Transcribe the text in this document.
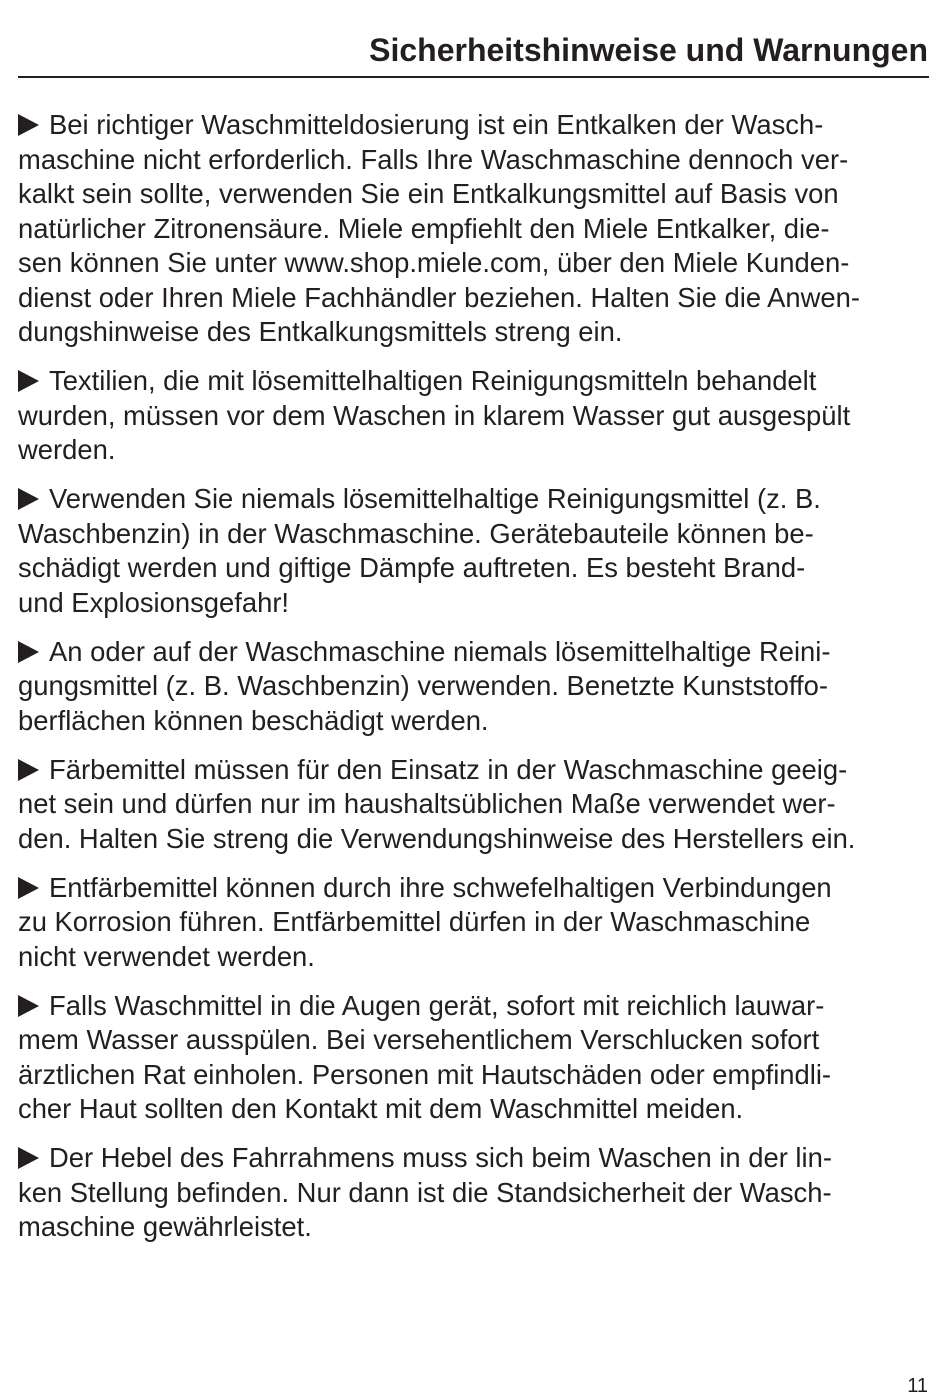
Sicherheitshinweise und Warnungen

Bei richtiger Waschmitteldosierung ist ein Entkalken der Wasch-
maschine nicht erforderlich. Falls Ihre Waschmaschine dennoch ver-
kalkt sein sollte, verwenden Sie ein Entkalkungsmittel auf Basis von
natürlicher Zitronensäure. Miele empfiehlt den Miele Entkalker, die-
sen können Sie unter www.shop.miele.com, über den Miele Kunden-
dienst oder Ihren Miele Fachhändler beziehen. Halten Sie die Anwen-
dungshinweise des Entkalkungsmittels streng ein.

Textilien, die mit lösemittelhaltigen Reinigungsmitteln behandelt
wurden, müssen vor dem Waschen in klarem Wasser gut ausgespült
werden.

Verwenden Sie niemals lösemittelhaltige Reinigungsmittel (z. B.
Waschbenzin) in der Waschmaschine. Gerätebauteile können be-
schädigt werden und giftige Dämpfe auftreten. Es besteht Brand-
und Explosionsgefahr!

An oder auf der Waschmaschine niemals lösemittelhaltige Reini-
gungsmittel (z. B. Waschbenzin) verwenden. Benetzte Kunststoffo-
berflächen können beschädigt werden.

Färbemittel müssen für den Einsatz in der Waschmaschine geeig-
net sein und dürfen nur im haushaltsüblichen Maße verwendet wer-
den. Halten Sie streng die Verwendungshinweise des Herstellers ein.

Entfärbemittel können durch ihre schwefelhaltigen Verbindungen
zu Korrosion führen. Entfärbemittel dürfen in der Waschmaschine
nicht verwendet werden.

Falls Waschmittel in die Augen gerät, sofort mit reichlich lauwar-
mem Wasser ausspülen. Bei versehentlichem Verschlucken sofort
ärztlichen Rat einholen. Personen mit Hautschäden oder empfindli-
cher Haut sollten den Kontakt mit dem Waschmittel meiden.

Der Hebel des Fahrrahmens muss sich beim Waschen in der lin-
ken Stellung befinden. Nur dann ist die Standsicherheit der Wasch-
maschine gewährleistet.

11
